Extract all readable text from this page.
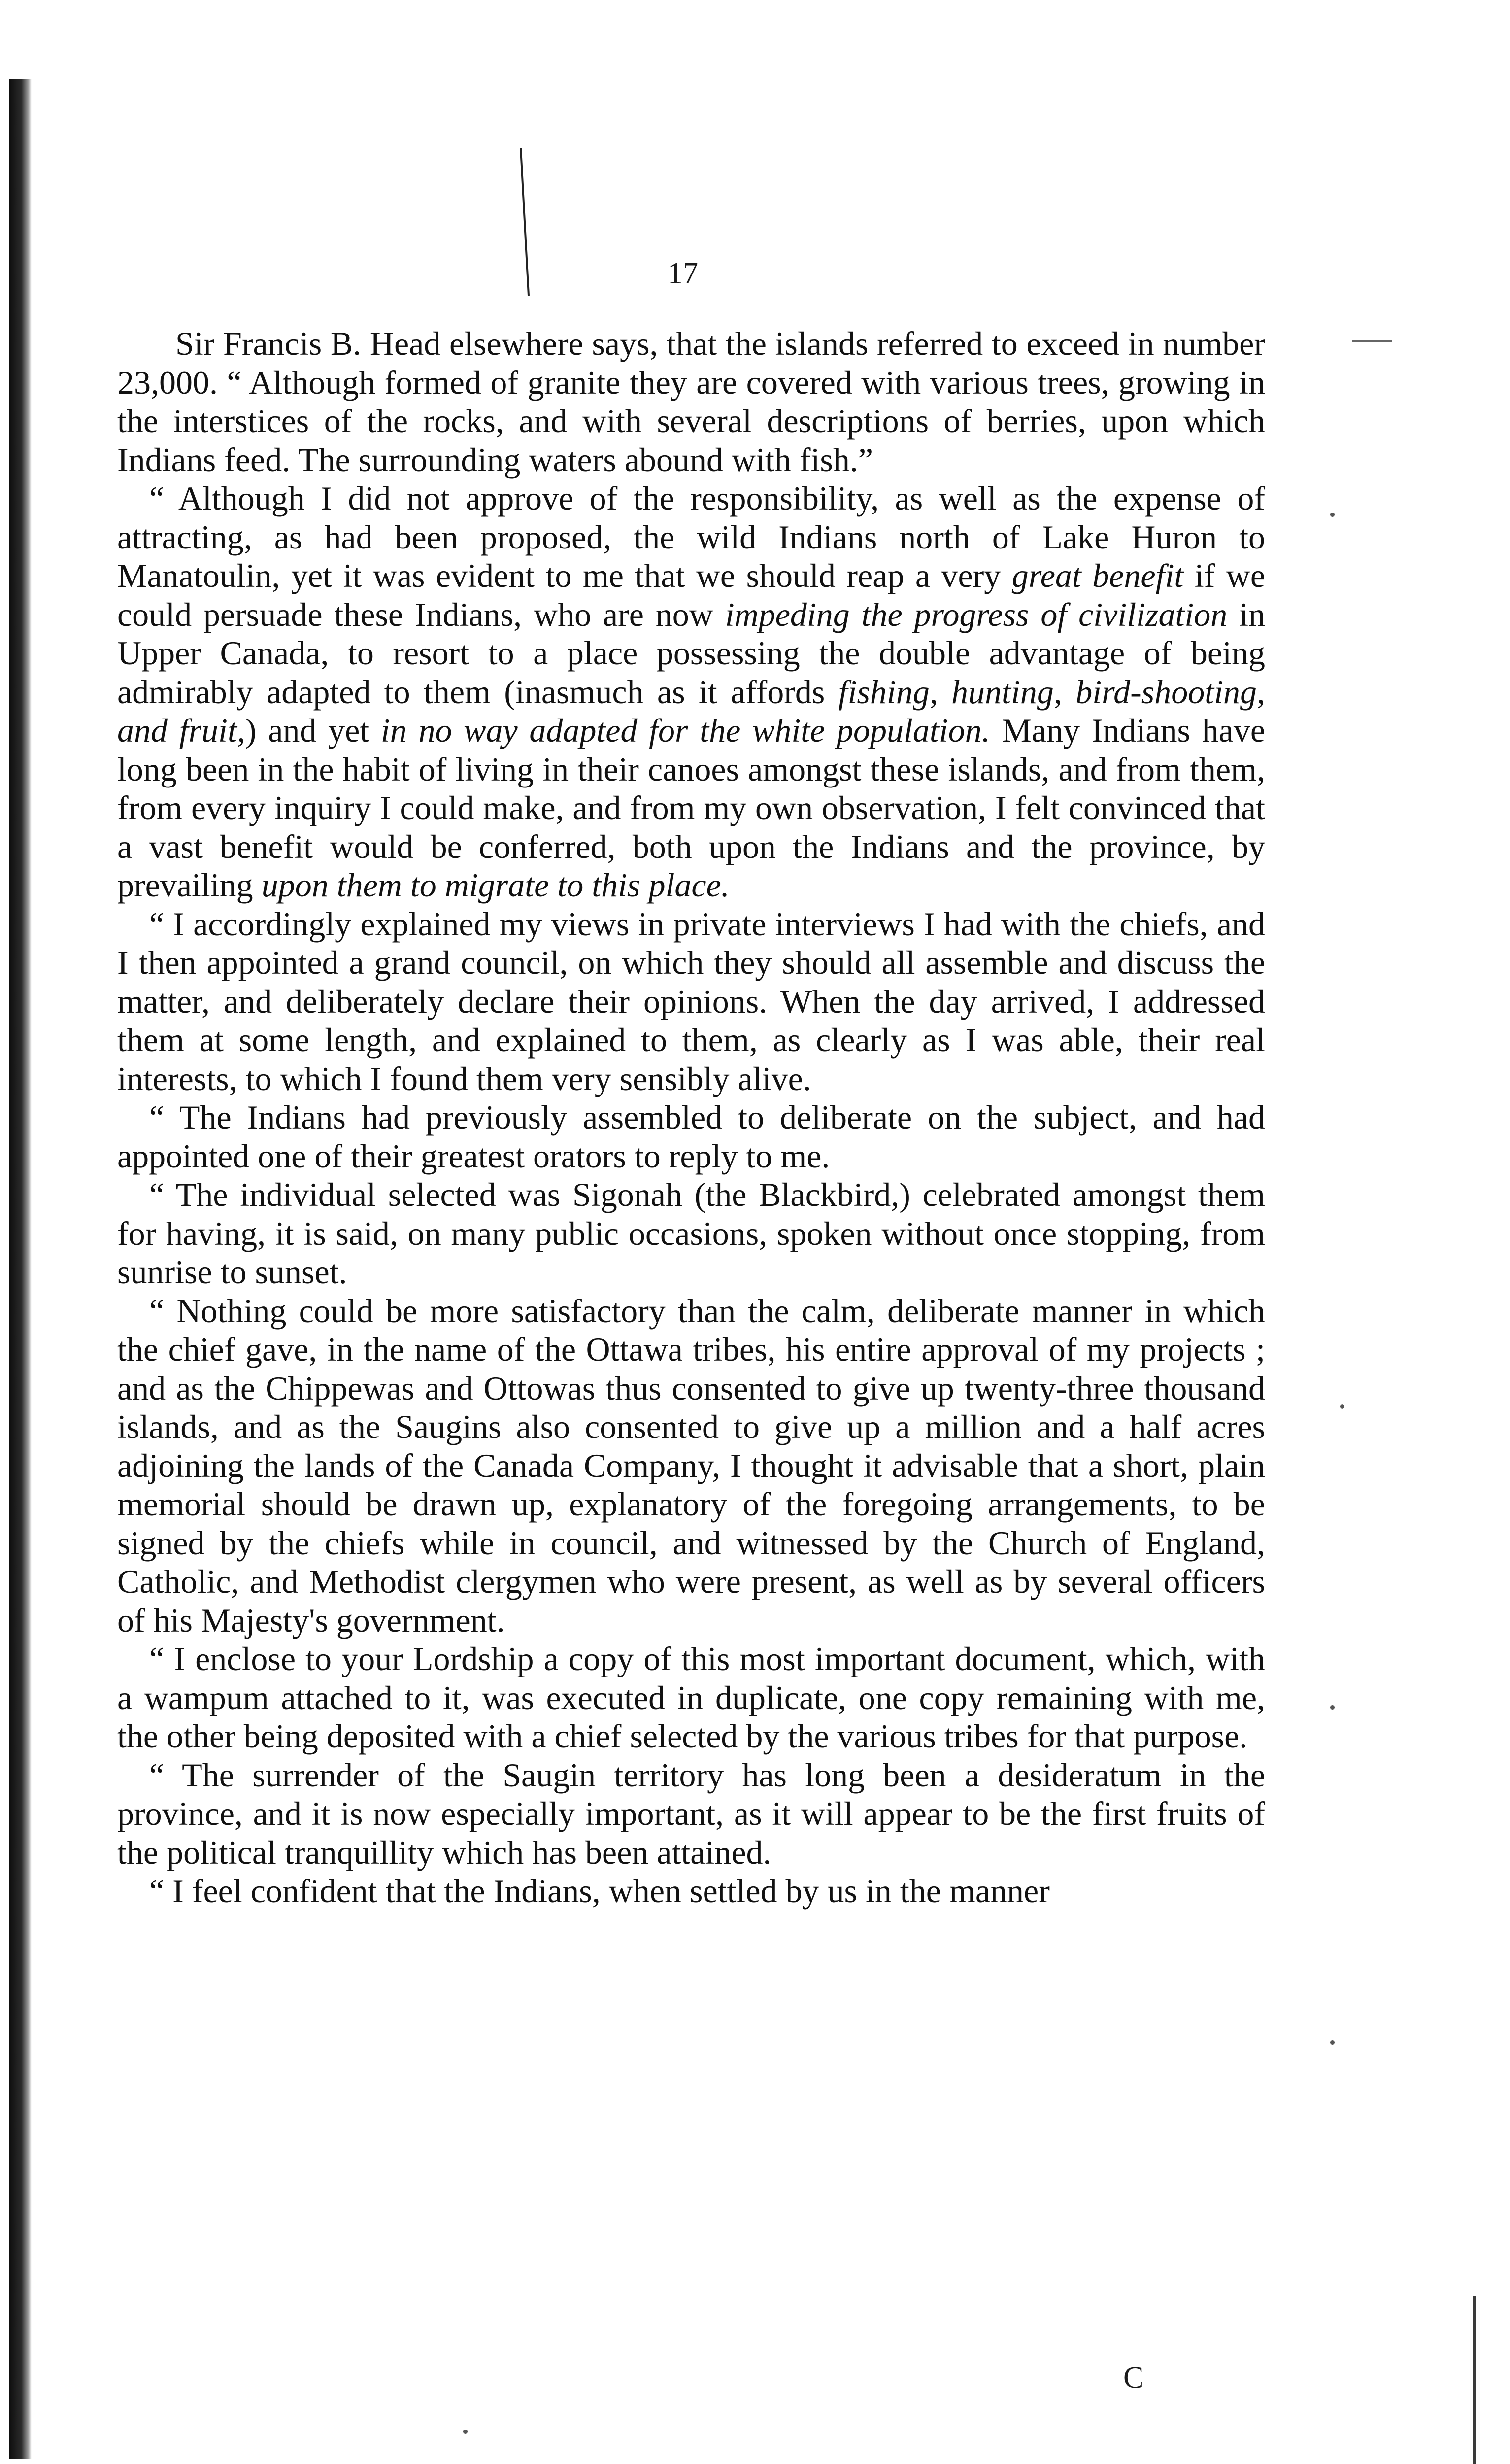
17

Sir Francis B. Head elsewhere says, that the islands referred to exceed in number 23,000. “ Although formed of granite they are covered with various trees, growing in the interstices of the rocks, and with several descriptions of berries, upon which Indians feed. The surrounding waters abound with fish.”

“ Although I did not approve of the responsibility, as well as the expense of attracting, as had been proposed, the wild Indians north of Lake Huron to Manatoulin, yet it was evident to me that we should reap a very great benefit if we could persuade these Indians, who are now impeding the progress of civilization in Upper Canada, to resort to a place possessing the double advantage of being admirably adapted to them (inasmuch as it affords fishing, hunting, bird-shooting, and fruit,) and yet in no way adapted for the white population. Many Indians have long been in the habit of living in their canoes amongst these islands, and from them, from every inquiry I could make, and from my own observation, I felt convinced that a vast benefit would be conferred, both upon the Indians and the province, by prevailing upon them to migrate to this place.

“ I accordingly explained my views in private interviews I had with the chiefs, and I then appointed a grand council, on which they should all assemble and discuss the matter, and deliberately declare their opinions. When the day arrived, I addressed them at some length, and explained to them, as clearly as I was able, their real interests, to which I found them very sensibly alive.

“ The Indians had previously assembled to deliberate on the subject, and had appointed one of their greatest orators to reply to me.

“ The individual selected was Sigonah (the Blackbird,) celebrated amongst them for having, it is said, on many public occasions, spoken without once stopping, from sunrise to sunset.

“ Nothing could be more satisfactory than the calm, deliberate manner in which the chief gave, in the name of the Ottawa tribes, his entire approval of my projects ; and as the Chippewas and Ottowas thus consented to give up twenty-three thousand islands, and as the Saugins also consented to give up a million and a half acres adjoining the lands of the Canada Company, I thought it advisable that a short, plain memorial should be drawn up, explanatory of the foregoing arrangements, to be signed by the chiefs while in council, and witnessed by the Church of England, Catholic, and Methodist clergymen who were present, as well as by several officers of his Majesty's government.

“ I enclose to your Lordship a copy of this most important document, which, with a wampum attached to it, was executed in duplicate, one copy remaining with me, the other being deposited with a chief selected by the various tribes for that purpose.

“ The surrender of the Saugin territory has long been a desideratum in the province, and it is now especially important, as it will appear to be the first fruits of the political tranquillity which has been attained.

“ I feel confident that the Indians, when settled by us in the manner

C
